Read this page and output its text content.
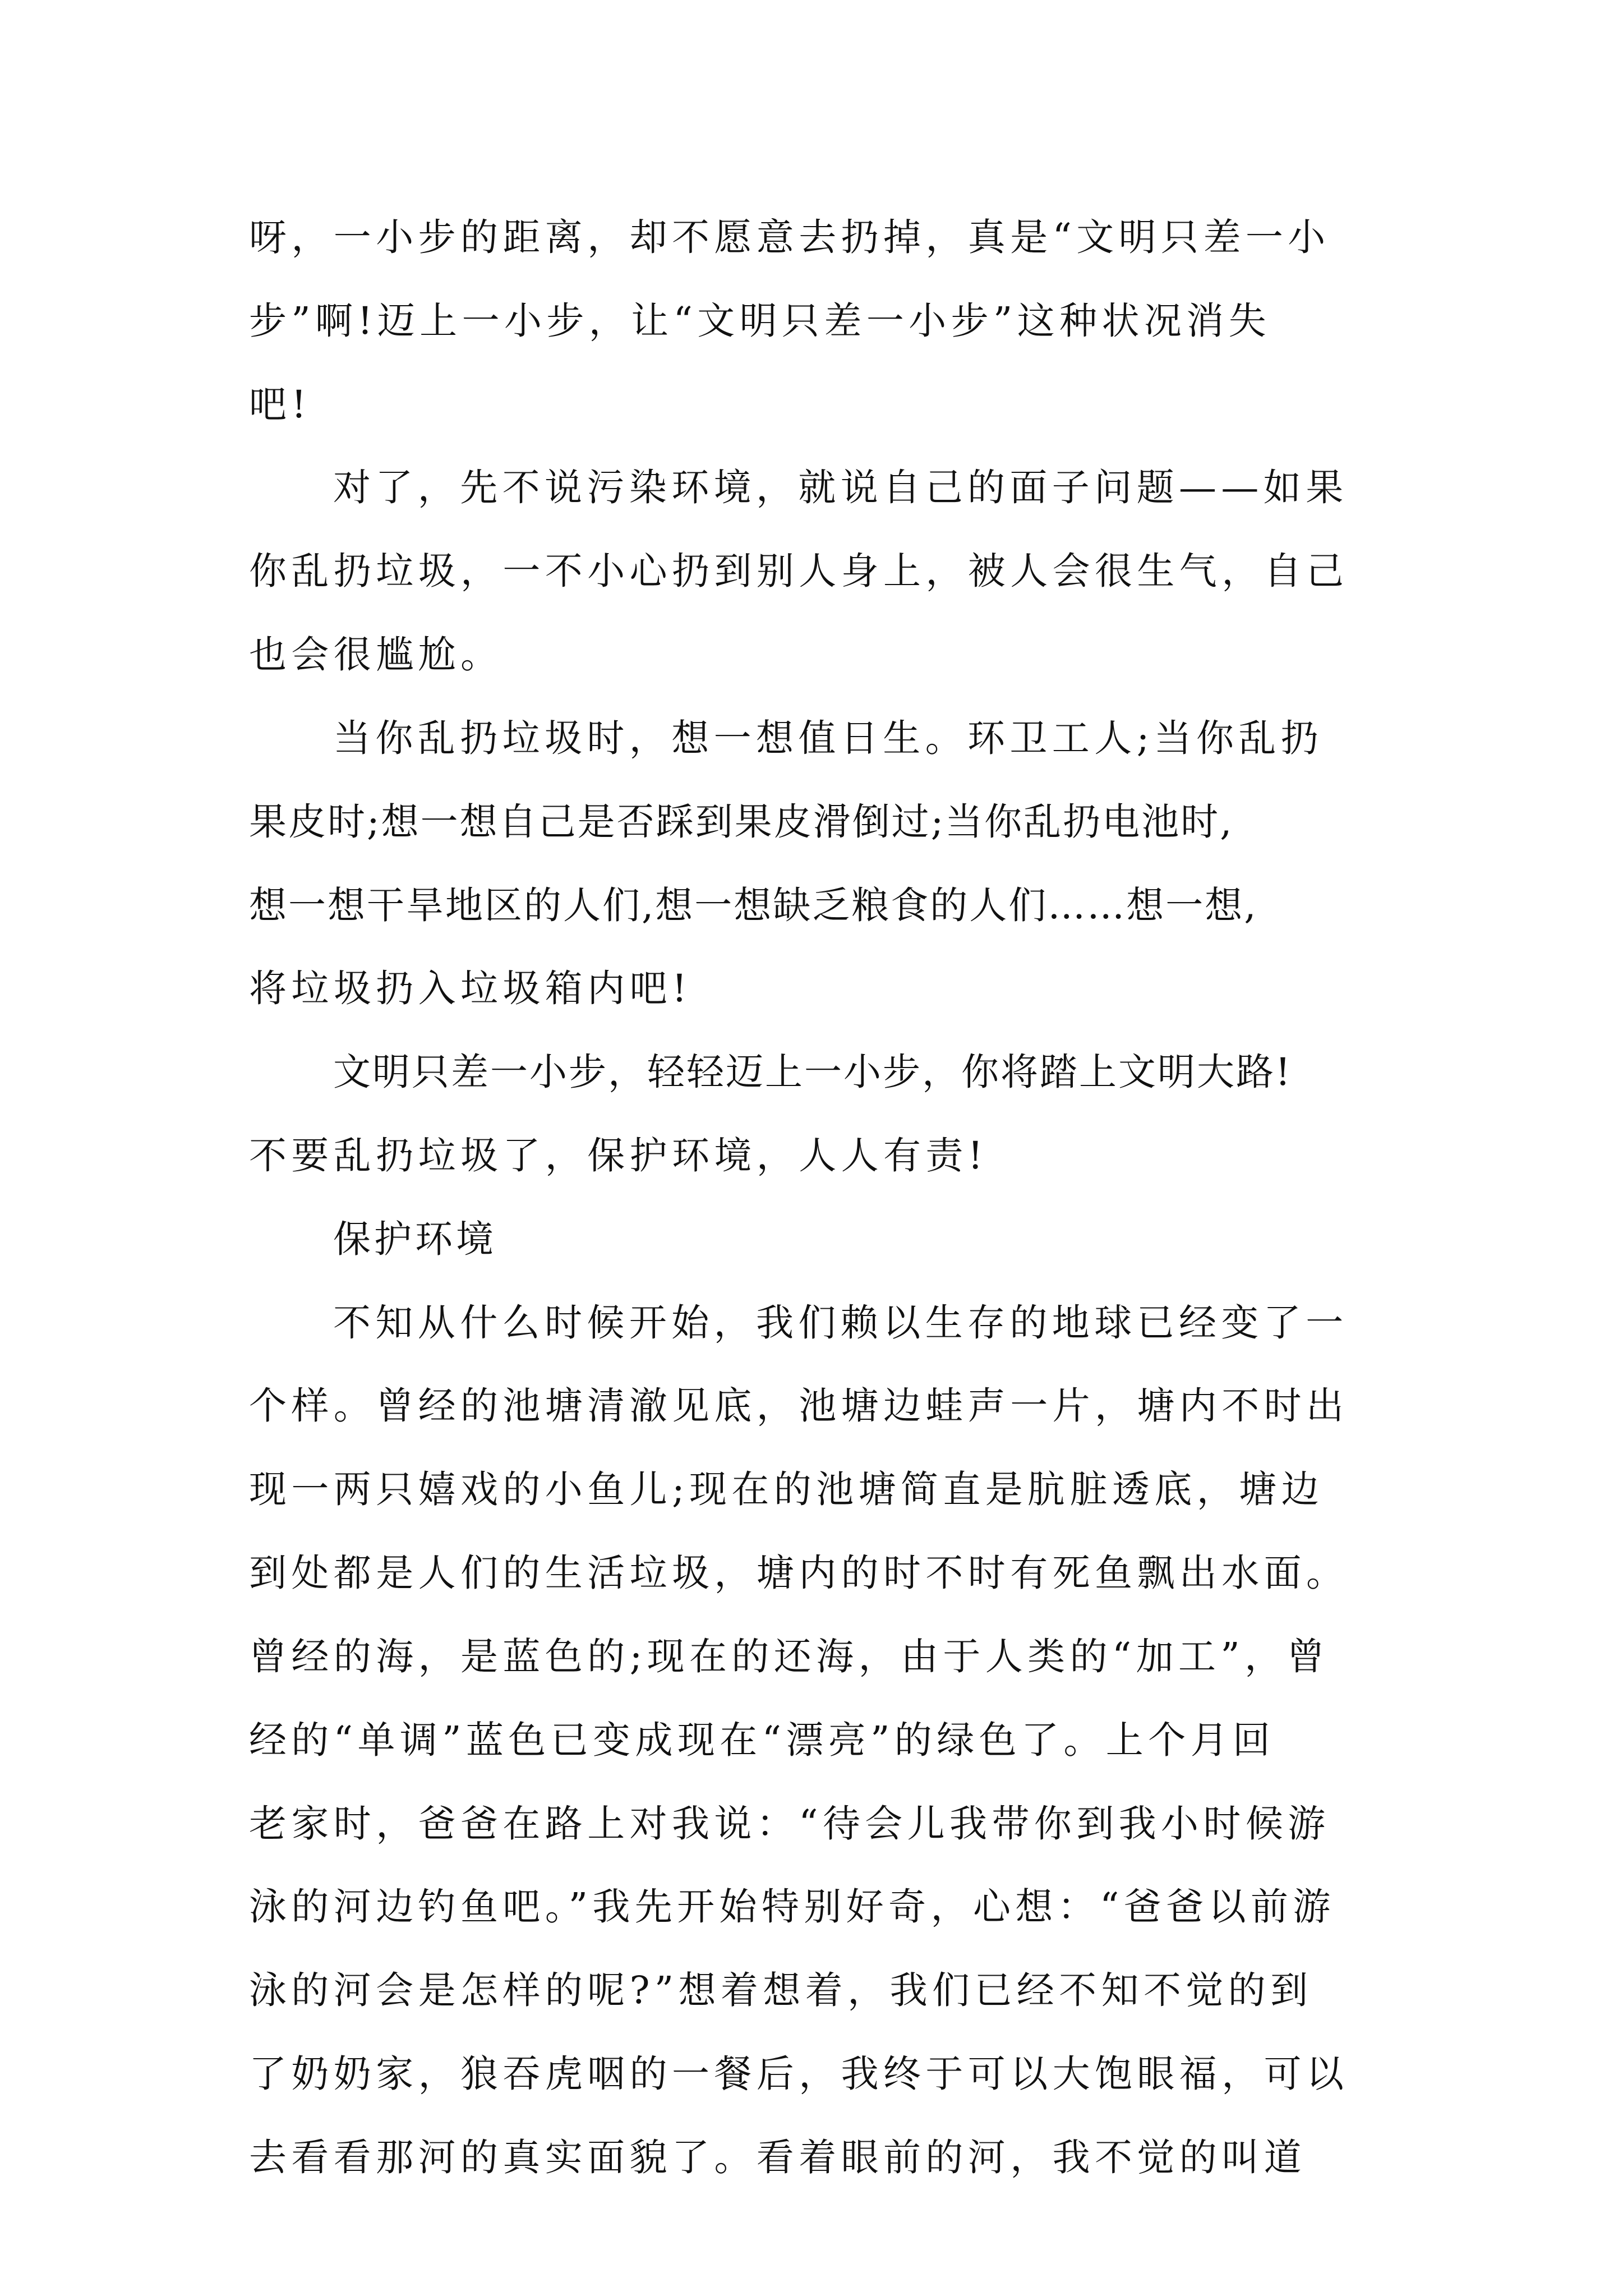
呀，一小步的距离，却不愿意去扔掉，真是“文明只差一小
步”啊!迈上一小步，让“文明只差一小步”这种状况消失
吧!
对了，先不说污染环境，就说自己的面子问题——如果
你乱扔垃圾，一不小心扔到别人身上，被人会很生气，自己
也会很尴尬。
当你乱扔垃圾时，想一想值日生。环卫工人;当你乱扔
果皮时;想一想自己是否踩到果皮滑倒过;当你乱扔电池时,
想一想干旱地区的人们,想一想缺乏粮食的人们……想一想,
将垃圾扔入垃圾箱内吧!
文明只差一小步，轻轻迈上一小步，你将踏上文明大路!
不要乱扔垃圾了，保护环境，人人有责!
保护环境
不知从什么时候开始，我们赖以生存的地球已经变了一
个样。曾经的池塘清澈见底，池塘边蛙声一片，塘内不时出
现一两只嬉戏的小鱼儿;现在的池塘简直是肮脏透底，塘边
到处都是人们的生活垃圾，塘内的时不时有死鱼飘出水面。
曾经的海，是蓝色的;现在的还海，由于人类的“加工”，曾
经的“单调”蓝色已变成现在“漂亮”的绿色了。上个月回
老家时，爸爸在路上对我说：“待会儿我带你到我小时候游
泳的河边钓鱼吧。”我先开始特别好奇，心想：“爸爸以前游
泳的河会是怎样的呢?”想着想着，我们已经不知不觉的到
了奶奶家，狼吞虎咽的一餐后，我终于可以大饱眼福，可以
去看看那河的真实面貌了。看着眼前的河，我不觉的叫道
